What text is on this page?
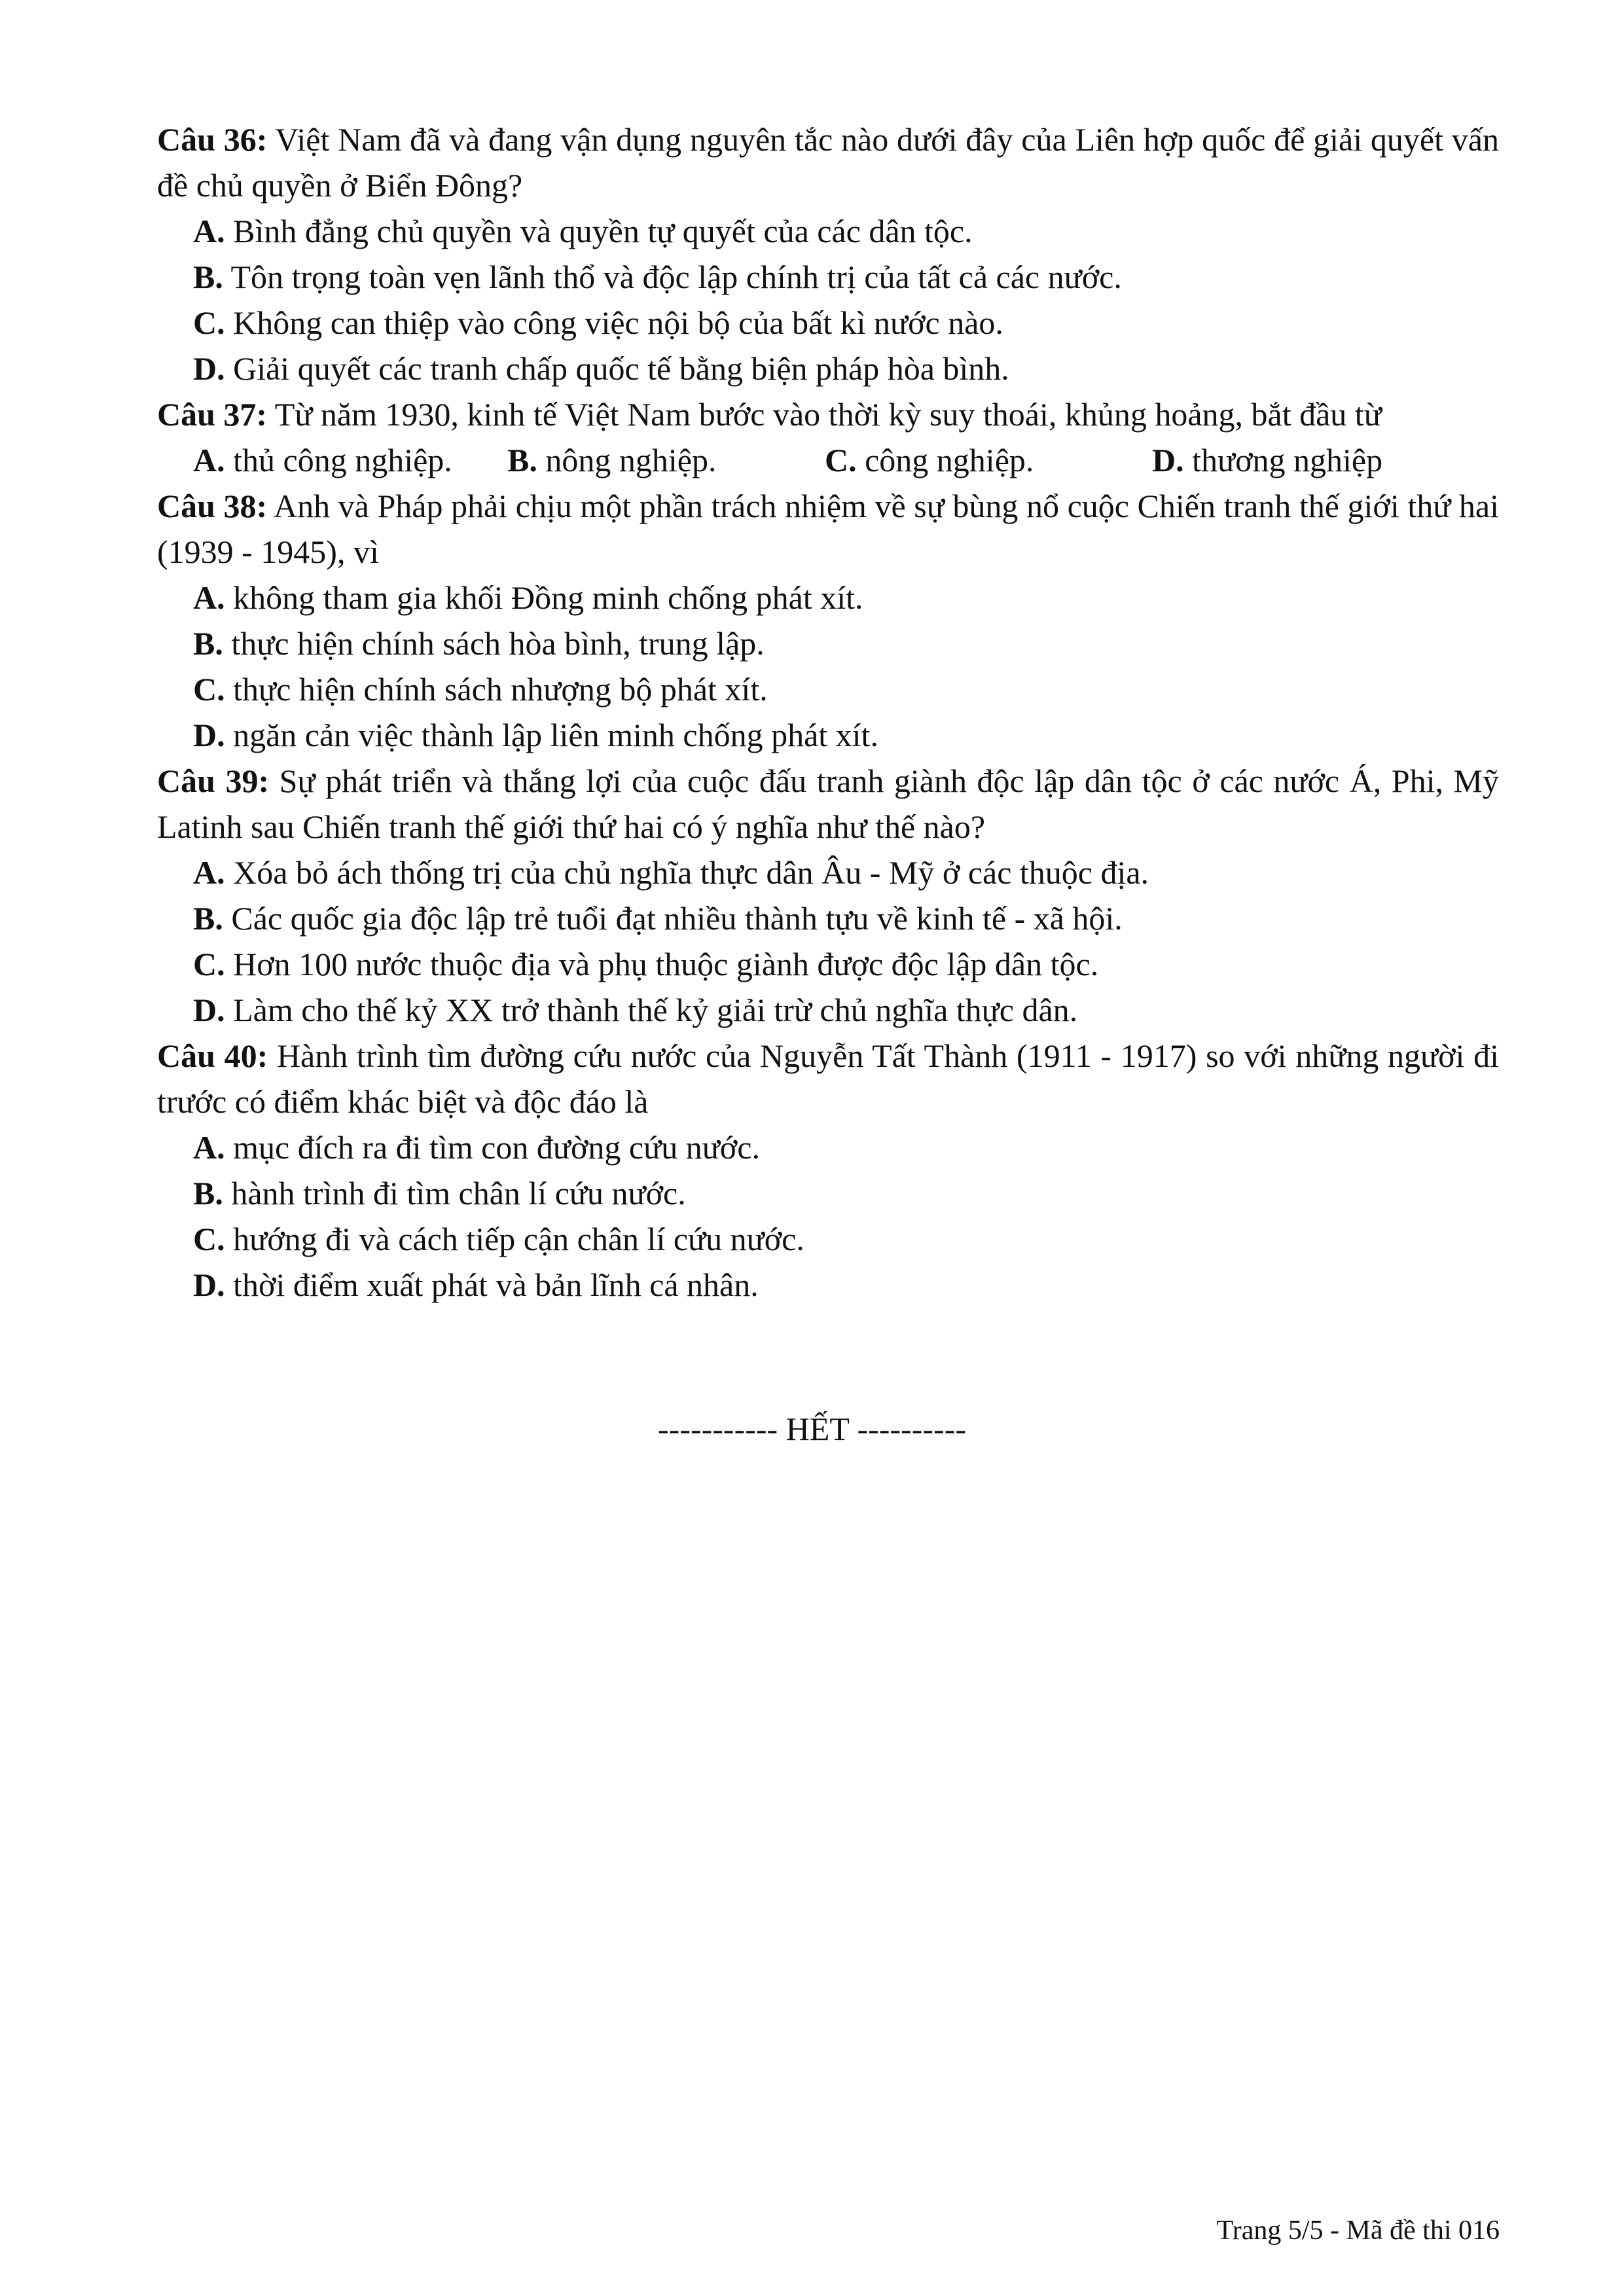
Câu 36: Việt Nam đã và đang vận dụng nguyên tắc nào dưới đây của Liên hợp quốc để giải quyết vấn đề chủ quyền ở Biển Đông?
A. Bình đẳng chủ quyền và quyền tự quyết của các dân tộc.
B. Tôn trọng toàn vẹn lãnh thổ và độc lập chính trị của tất cả các nước.
C. Không can thiệp vào công việc nội bộ của bất kì nước nào.
D. Giải quyết các tranh chấp quốc tế bằng biện pháp hòa bình.
Câu 37: Từ năm 1930, kinh tế Việt Nam bước vào thời kỳ suy thoái, khủng hoảng, bắt đầu từ
A. thủ công nghiệp. B. nông nghiệp.	C. công nghiệp.	D. thương nghiệp
Câu 38: Anh và Pháp phải chịu một phần trách nhiệm về sự bùng nổ cuộc Chiến tranh thế giới thứ hai (1939 - 1945), vì
A. không tham gia khối Đồng minh chống phát xít.
B. thực hiện chính sách hòa bình, trung lập.
C. thực hiện chính sách nhượng bộ phát xít.
D. ngăn cản việc thành lập liên minh chống phát xít.
Câu 39: Sự phát triển và thắng lợi của cuộc đấu tranh giành độc lập dân tộc ở các nước Á, Phi, Mỹ Latinh sau Chiến tranh thế giới thứ hai có ý nghĩa như thế nào?
A. Xóa bỏ ách thống trị của chủ nghĩa thực dân Âu - Mỹ ở các thuộc địa.
B. Các quốc gia độc lập trẻ tuổi đạt nhiều thành tựu về kinh tế - xã hội.
C. Hơn 100 nước thuộc địa và phụ thuộc giành được độc lập dân tộc.
D. Làm cho thế kỷ XX trở thành thế kỷ giải trừ chủ nghĩa thực dân.
Câu 40: Hành trình tìm đường cứu nước của Nguyễn Tất Thành (1911 - 1917) so với những người đi trước có điểm khác biệt và độc đáo là
A. mục đích ra đi tìm con đường cứu nước.
B. hành trình đi tìm chân lí cứu nước.
C. hướng đi và cách tiếp cận chân lí cứu nước.
D. thời điểm xuất phát và bản lĩnh cá nhân.
----------- HẾT ----------
Trang 5/5 - Mã đề thi 016
